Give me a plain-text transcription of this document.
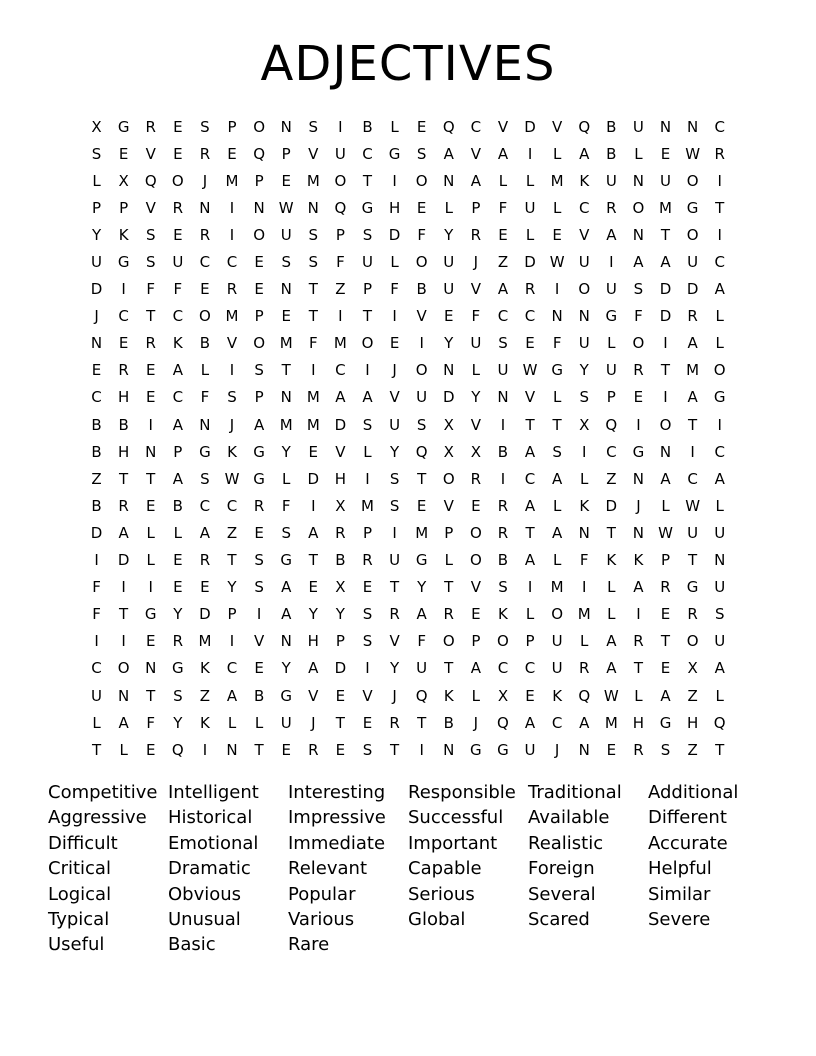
ADJECTIVES
X	G	R	E	S	P	O	N	S	I	B	L	E	Q	C	V	D	V	Q	B	U	N	N	C
S	E	V	E	R	E	Q	P	V	U	C	G	S	A	V	A	I	L	A	B	L	E W R
L	X	Q	O	J	M	P	E	M O	T	I	O	N	A	L	L	M	K	U	N	U	O	I
P	P	V	R	N	I	N W N	Q	G	H	E	L	P	F	U	L	C	R	O M G	T
Y	K	S	E	R	I	O	U	S	P	S	D	F	Y	R	E	L	E	V	A	N	T	O	I
U	G	S	U	C	C	E	S	S	F	U	L	O	U	J	Z	D W U	I	A	A	U	C
D	I	F	F	E	R	E	N	T	Z	P	F	B	U	V	A	R	I	O	U	S	D	D	A
J	C	T	C	O M	P	E	T	I	T	I	V	E	F	C	C	N	N	G	F	D	R	L
N	E	R	K	B	V	O M	F	M O	E	I	Y	U	S	E	F	U	L	O	I	A	L
E	R	E	A	L	I	S	T	I	C	I	J	O	N	L	U W G	Y	U	R	T	M O
C	H	E	C	F	S	P	N	M	A	A	V	U	D	Y	N	V	L	S	P	E	I	A	G
B	B	I	A	N	J	A	M M D	S	U	S	X	V	I	T	T	X	Q	I	O	T	I
B	H	N	P	G	K	G	Y	E	V	L	Y	Q	X	X	B	A	S	I	C	G	N	I	C
Z	T	T	A	S W G	L	D	H	I	S	T	O	R	I	C	A	L	Z	N	A	C	A
B	R	E	B	C	C	R	F	I	X	M	S	E	V	E	R	A	L	K	D	J	L	W	L
D	A	L	L	A	Z	E	S	A	R	P	I	M	P	O	R	T	A	N	T	N W U	U
I	D	L	E	R	T	S	G	T	B	R	U	G	L	O	B	A	L	F	K	K	P	T	N
F	I	I	E	E	Y	S	A	E	X	E	T	Y	T	V	S	I	M	I	L	A	R	G	U
F	T	G	Y	D	P	I	A	Y	Y	S	R	A	R	E	K	L	O M	L	I	E	R	S
I	I	E	R	M	I	V	N	H	P	S	V	F	O	P	O	P	U	L	A	R	T	O	U
C	O	N	G	K	C	E	Y	A	D	I	Y	U	T	A	C	C	U	R	A	T	E	X	A
U	N	T	S	Z	A	B	G	V	E	V	J	Q	K	L	X	E	K	Q W	L	A	Z	L
L	A	F	Y	K	L	L	U	J	T	E	R	T	B	J	Q	A	C	A	M H	G	H	Q
T	L	E	Q	I	N	T	E	R	E	S	T	I	N	G	G	U	J	N	E	R	S	Z	T
Competitive Intelligent	Interesting	Responsible Traditional	Additional
Aggressive	Historical	Impressive	Successful	Available	Different
Difficult	Emotional	Immediate	Important	Realistic	Accurate
Critical	Dramatic	Relevant	Capable	Foreign	Helpful
Logical	Obvious	Popular	Serious	Several	Similar
Typical	Unusual	Various	Global	Scared	Severe
Useful	Basic	Rare
